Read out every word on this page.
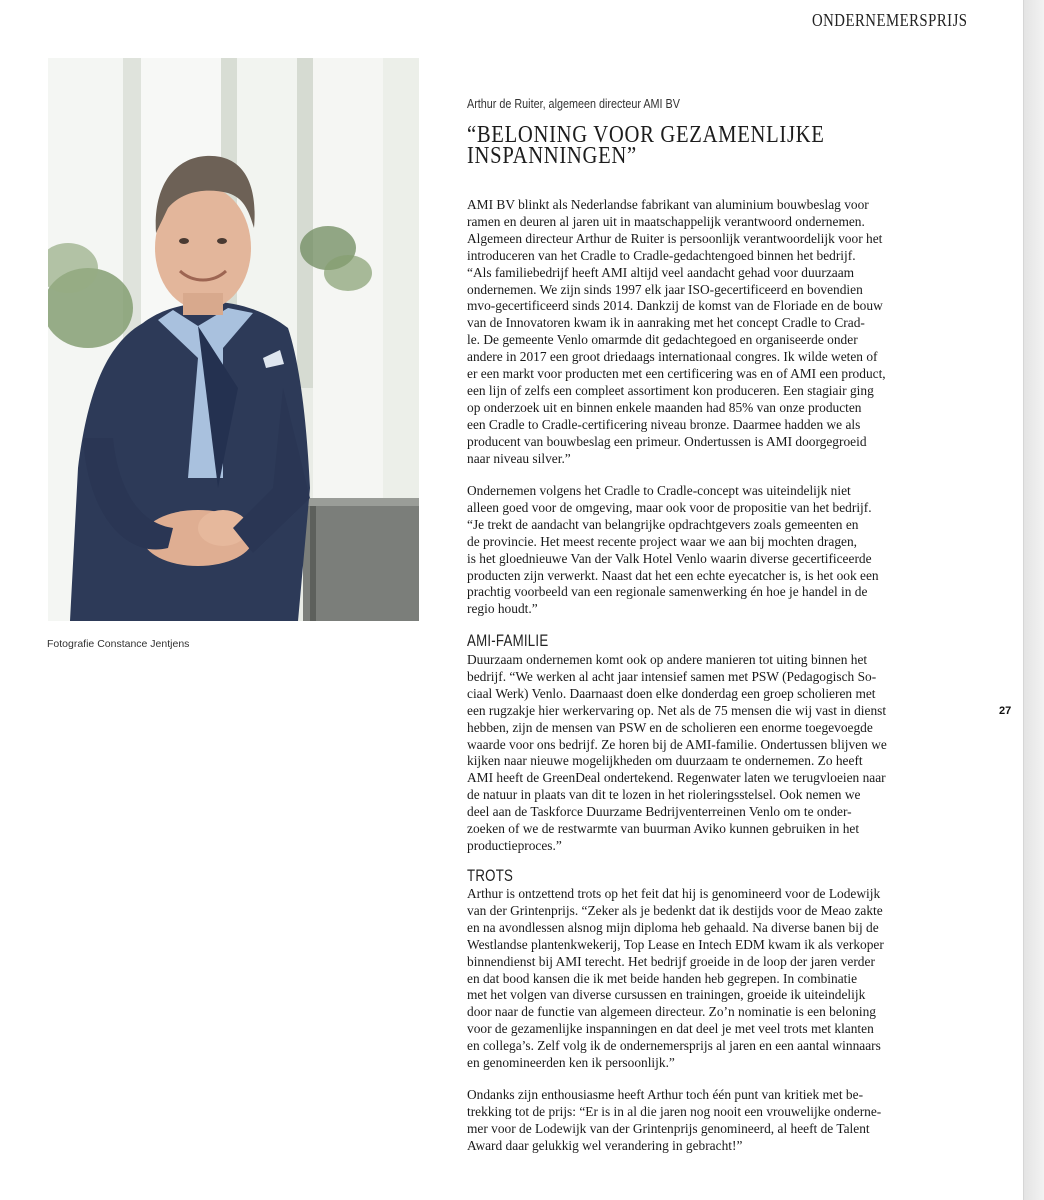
ONDERNEMERSPRIJS
Fotografie Constance Jentjens
Arthur de Ruiter, algemeen directeur AMI BV
“BELONING VOOR GEZAMENLIJKE INSPANNINGEN”
AMI BV blinkt als Nederlandse fabrikant van aluminium bouwbeslag voor
ramen en deuren al jaren uit in maatschappelijk verantwoord ondernemen.
Algemeen directeur Arthur de Ruiter is persoonlijk verantwoordelijk voor het
introduceren van het Cradle to Cradle-gedachtengoed binnen het bedrijf.
“Als familiebedrijf heeft AMI altijd veel aandacht gehad voor duurzaam
ondernemen. We zijn sinds 1997 elk jaar ISO-gecertificeerd en bovendien
mvo-gecertificeerd sinds 2014. Dankzij de komst van de Floriade en de bouw
van de Innovatoren kwam ik in aanraking met het concept Cradle to Crad-
le. De gemeente Venlo omarmde dit gedachtegoed en organiseerde onder
andere in 2017 een groot driedaags internationaal congres. Ik wilde weten of
er een markt voor producten met een certificering was en of AMI een product,
een lijn of zelfs een compleet assortiment kon produceren. Een stagiair ging
op onderzoek uit en binnen enkele maanden had 85% van onze producten
een Cradle to Cradle-certificering niveau bronze. Daarmee hadden we als
producent van bouwbeslag een primeur. Ondertussen is AMI doorgegroeid
naar niveau silver.”
Ondernemen volgens het Cradle to Cradle-concept was uiteindelijk niet
alleen goed voor de omgeving, maar ook voor de propositie van het bedrijf.
“Je trekt de aandacht van belangrijke opdrachtgevers zoals gemeenten en
de provincie. Het meest recente project waar we aan bij mochten dragen,
is het gloednieuwe Van der Valk Hotel Venlo waarin diverse gecertificeerde
producten zijn verwerkt. Naast dat het een echte eyecatcher is, is het ook een
prachtig voorbeeld van een regionale samenwerking én hoe je handel in de
regio houdt.”
AMI-FAMILIE
Duurzaam ondernemen komt ook op andere manieren tot uiting binnen het
bedrijf. “We werken al acht jaar intensief samen met PSW (Pedagogisch So-
ciaal Werk) Venlo. Daarnaast doen elke donderdag een groep scholieren met
een rugzakje hier werkervaring op. Net als de 75 mensen die wij vast in dienst
hebben, zijn de mensen van PSW en de scholieren een enorme toegevoegde
waarde voor ons bedrijf. Ze horen bij de AMI-familie. Ondertussen blijven we
kijken naar nieuwe mogelijkheden om duurzaam te ondernemen. Zo heeft
AMI heeft de GreenDeal ondertekend. Regenwater laten we terugvloeien naar
de natuur in plaats van dit te lozen in het rioleringsstelsel. Ook nemen we
deel aan de Taskforce Duurzame Bedrijventerreinen Venlo om te onder-
zoeken of we de restwarmte van buurman Aviko kunnen gebruiken in het
productieproces.”
TROTS
Arthur is ontzettend trots op het feit dat hij is genomineerd voor de Lodewijk
van der Grintenprijs. “Zeker als je bedenkt dat ik destijds voor de Meao zakte
en na avondlessen alsnog mijn diploma heb gehaald. Na diverse banen bij de
Westlandse plantenkwekerij, Top Lease en Intech EDM kwam ik als verkoper
binnendienst bij AMI terecht. Het bedrijf groeide in de loop der jaren verder
en dat bood kansen die ik met beide handen heb gegrepen. In combinatie
met het volgen van diverse cursussen en trainingen, groeide ik uiteindelijk
door naar de functie van algemeen directeur. Zo’n nominatie is een beloning
voor de gezamenlijke inspanningen en dat deel je met veel trots met klanten
en collega’s. Zelf volg ik de ondernemersprijs al jaren en een aantal winnaars
en genomineerden ken ik persoonlijk.”
Ondanks zijn enthousiasme heeft Arthur toch één punt van kritiek met be-
trekking tot de prijs: “Er is in al die jaren nog nooit een vrouwelijke onderne-
mer voor de Lodewijk van der Grintenprijs genomineerd, al heeft de Talent
Award daar gelukkig wel verandering in gebracht!”
27
